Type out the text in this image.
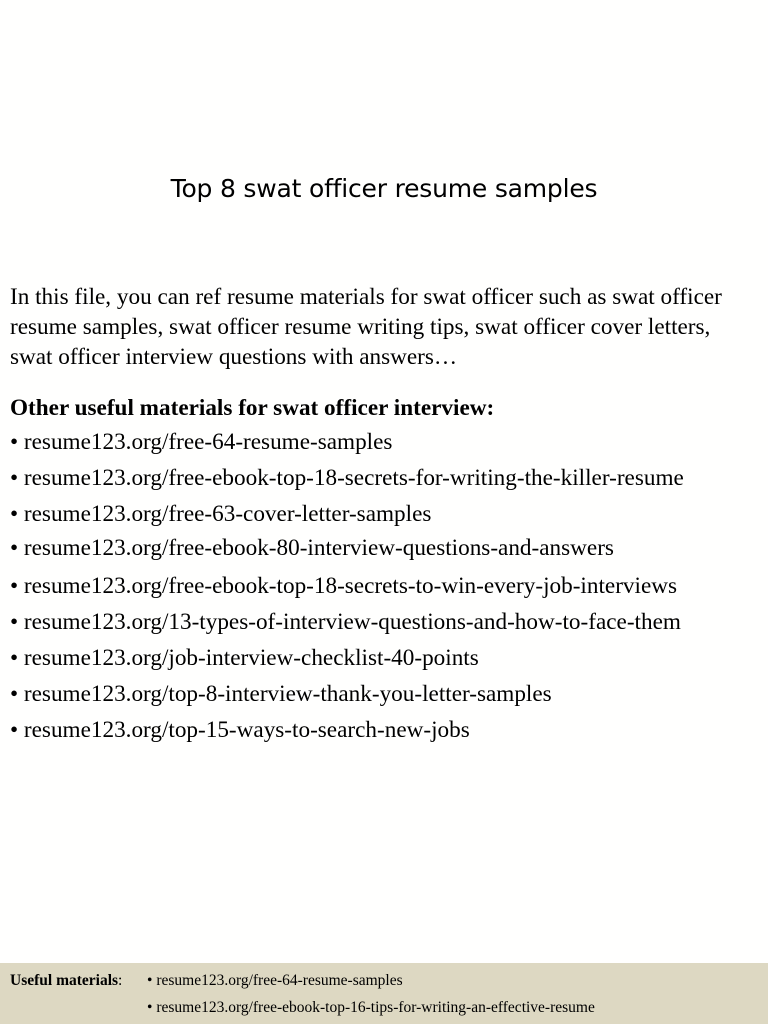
Top 8 swat officer resume samples
In this file, you can ref resume materials for swat officer such as swat officer resume samples, swat officer resume writing tips, swat officer cover letters, swat officer interview questions with answers…
Other useful materials for swat officer interview:
• resume123.org/free-64-resume-samples
• resume123.org/free-ebook-top-18-secrets-for-writing-the-killer-resume
• resume123.org/free-63-cover-letter-samples
• resume123.org/free-ebook-80-interview-questions-and-answers
• resume123.org/free-ebook-top-18-secrets-to-win-every-job-interviews
• resume123.org/13-types-of-interview-questions-and-how-to-face-them
• resume123.org/job-interview-checklist-40-points
• resume123.org/top-8-interview-thank-you-letter-samples
• resume123.org/top-15-ways-to-search-new-jobs
Useful materials:
•	resume123.org/free-64-resume-samples
• resume123.org/free-ebook-top-16-tips-for-writing-an-effective-resume
